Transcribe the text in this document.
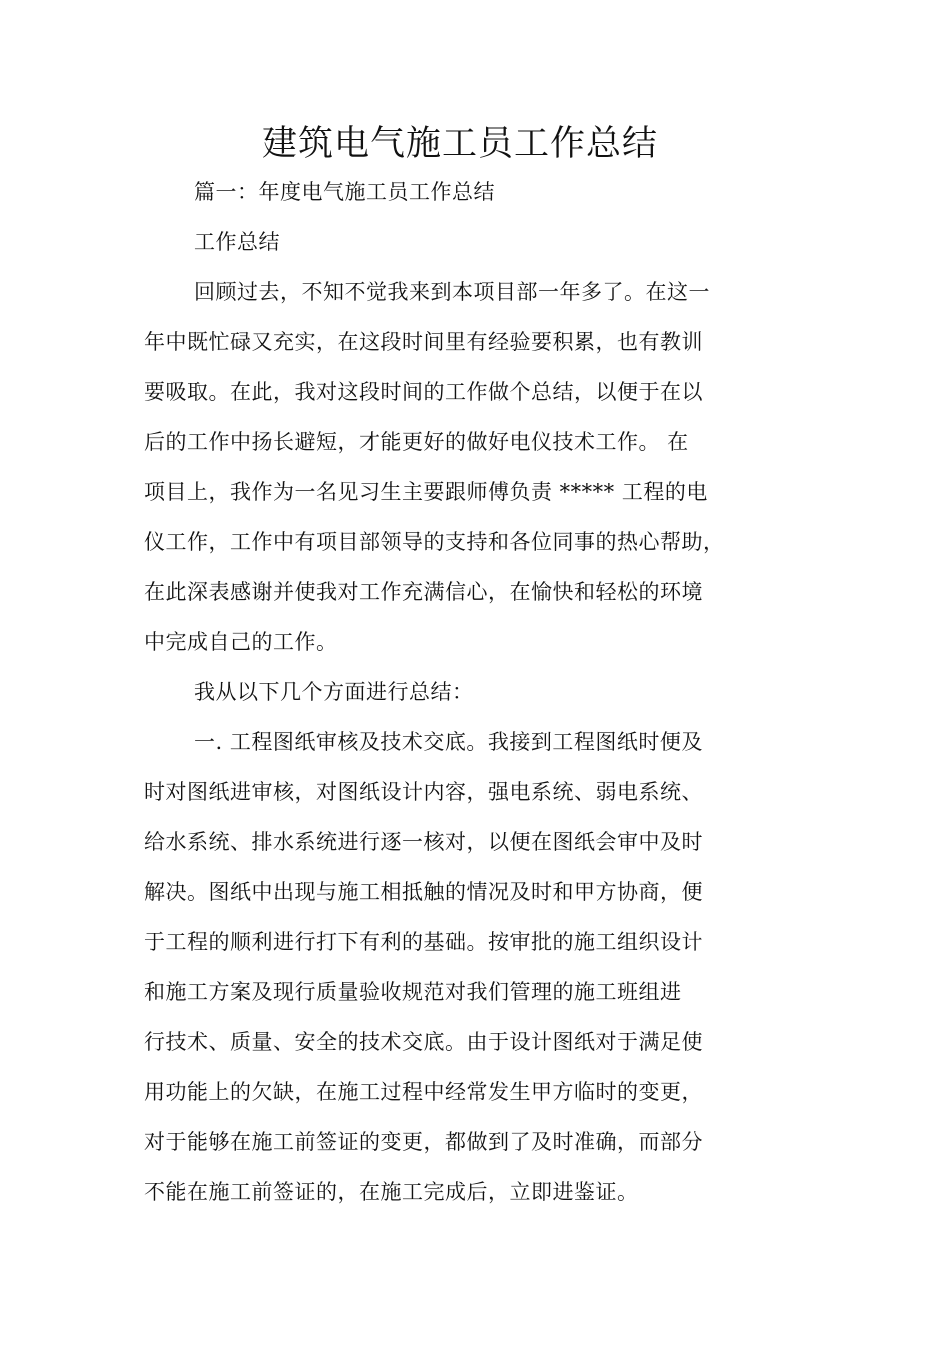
建筑电气施工员工作总结
篇一：年度电气施工员工作总结
工作总结
回顾过去，不知不觉我来到本项目部一年多了。在这一
年中既忙碌又充实，在这段时间里有经验要积累，也有教训
要吸取。在此，我对这段时间的工作做个总结，以便于在以
后的工作中扬长避短，才能更好的做好电仪技术工作。 在
项目上，我作为一名见习生主要跟师傅负责 ***** 工程的电
仪工作，工作中有项目部领导的支持和各位同事的热心帮助，
在此深表感谢并使我对工作充满信心，在愉快和轻松的环境
中完成自己的工作。
我从以下几个方面进行总结：
一. 工程图纸审核及技术交底。我接到工程图纸时便及
时对图纸进审核，对图纸设计内容，强电系统、弱电系统、
给水系统、排水系统进行逐一核对，以便在图纸会审中及时
解决。图纸中出现与施工相抵触的情况及时和甲方协商，便
于工程的顺利进行打下有利的基础。按审批的施工组织设计
和施工方案及现行质量验收规范对我们管理的施工班组进
行技术、质量、安全的技术交底。由于设计图纸对于满足使
用功能上的欠缺，在施工过程中经常发生甲方临时的变更，
对于能够在施工前签证的变更，都做到了及时准确，而部分
不能在施工前签证的，在施工完成后，立即进鉴证。
